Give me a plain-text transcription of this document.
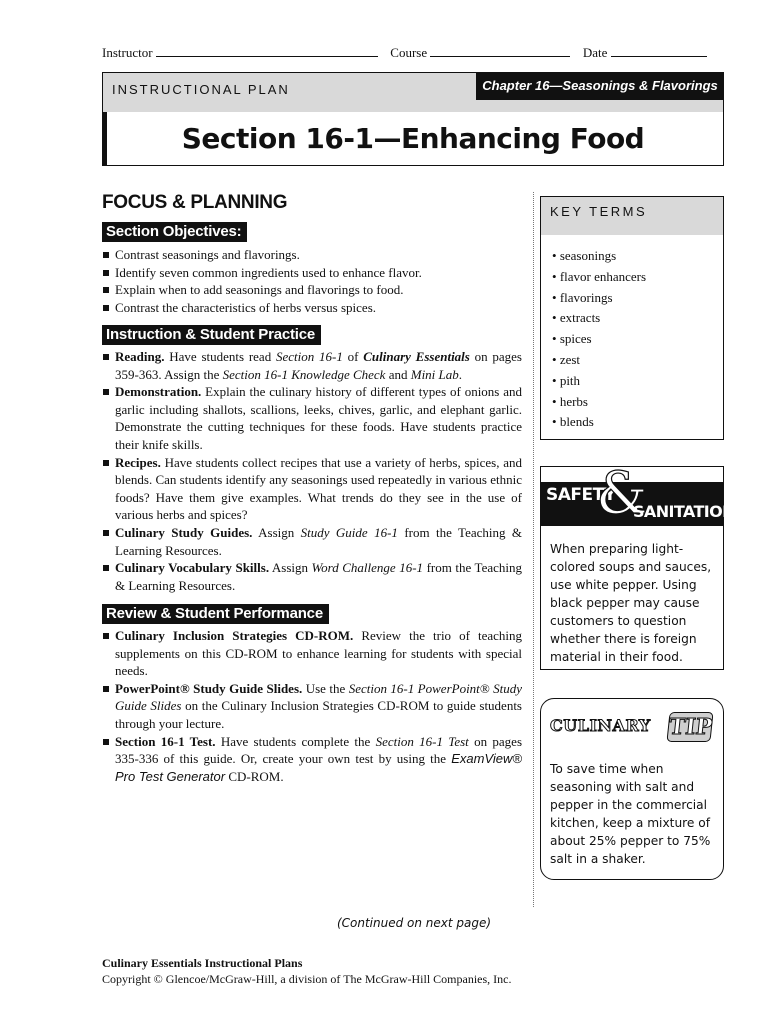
Instructor	Course	Date
INSTRUCTIONAL PLAN	Chapter 16—Seasonings & Flavorings
Section 16-1—Enhancing Food
FOCUS & PLANNING
Section Objectives:
Contrast seasonings and flavorings.
Identify seven common ingredients used to enhance flavor.
Explain when to add seasonings and flavorings to food.
Contrast the characteristics of herbs versus spices.
Instruction & Student Practice
Reading. Have students read Section 16-1 of Culinary Essentials on pages 359-363. Assign the Section 16-1 Knowledge Check and Mini Lab.
Demonstration. Explain the culinary history of different types of onions and garlic including shallots, scallions, leeks, chives, garlic, and elephant garlic. Demonstrate the cutting techniques for these foods. Have students practice their knife skills.
Recipes. Have students collect recipes that use a variety of herbs, spices, and blends. Can students identify any seasonings used repeatedly in various ethnic foods? Have them give examples. What trends do they see in the use of various herbs and spices?
Culinary Study Guides. Assign Study Guide 16-1 from the Teaching & Learning Resources.
Culinary Vocabulary Skills. Assign Word Challenge 16-1 from the Teaching & Learning Resources.
Review & Student Performance
Culinary Inclusion Strategies CD-ROM. Review the trio of teaching supplements on this CD-ROM to enhance learning for students with special needs.
PowerPoint® Study Guide Slides. Use the Section 16-1 PowerPoint® Study Guide Slides on the Culinary Inclusion Strategies CD-ROM to guide students through your lecture.
Section 16-1 Test. Have students complete the Section 16-1 Test on pages 335-336 of this guide. Or, create your own test by using the ExamView® Pro Test Generator CD-ROM.
KEY TERMS
• seasonings
• flavor enhancers
• flavorings
• extracts
• spices
• zest
• pith
• herbs
• blends
SAFETY
&
SANITATION
When preparing light-colored soups and sauces, use white pepper. Using black pepper may cause customers to question whether there is foreign material in their food.
CULINARY TIP
To save time when seasoning with salt and pepper in the commercial kitchen, keep a mixture of about 25% pepper to 75% salt in a shaker.
(Continued on next page)
Culinary Essentials Instructional Plans
Copyright © Glencoe/McGraw-Hill, a division of The McGraw-Hill Companies, Inc.
